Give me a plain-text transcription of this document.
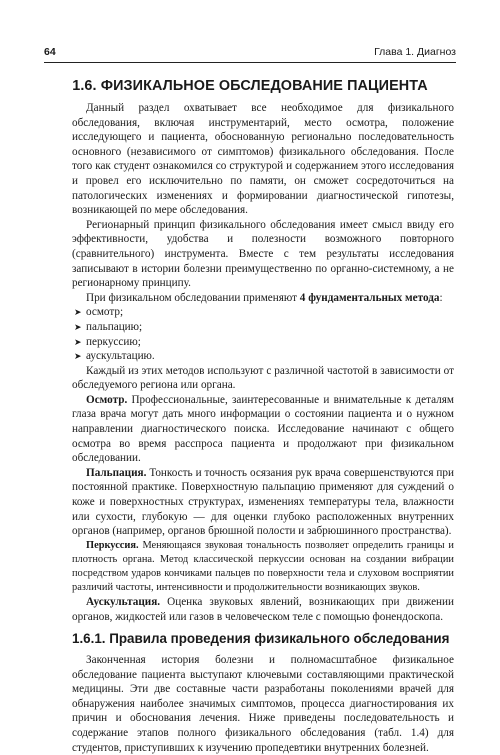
64	Глава 1. Диагноз
1.6. ФИЗИКАЛЬНОЕ ОБСЛЕДОВАНИЕ ПАЦИЕНТА

Данный раздел охватывает все необходимое для физикального обследования, включая инструментарий, место осмотра, положение исследующего и пациента, обоснованную регионально последовательность основного (независимого от симптомов) физикального обследования. После того как студент ознакомился со структурой и содержанием этого исследования и провел его исключительно по памяти, он сможет сосредоточиться на патологических изменениях и формировании диагностической гипотезы, возникающей по мере обследования.

Регионарный принцип физикального обследования имеет смысл ввиду его эффективности, удобства и полезности возможного повторного (сравнительного) инструмента. Вместе с тем результаты исследования записывают в истории болезни преимущественно по органно-системному, а не регионарному принципу.

При физикальном обследовании применяют 4 фундаментальных метода:

➤ осмотр;
➤ пальпацию;
➤ перкуссию;
➤ аускультацию.

Каждый из этих методов используют с различной частотой в зависимости от обследуемого региона или органа.

Осмотр. Профессиональные, заинтересованные и внимательные к деталям глаза врача могут дать много информации о состоянии пациента и о нужном направлении диагностического поиска. Исследование начинают с общего осмотра во время расспроса пациента и продолжают при физикальном обследовании.

Пальпация. Тонкость и точность осязания рук врача совершенствуются при постоянной практике. Поверхностную пальпацию применяют для суждений о коже и поверхностных структурах, изменениях температуры тела, влажности или сухости, глубокую — для оценки глубоко расположенных внутренних органов (например, органов брюшной полости и забрюшинного пространства).

Перкуссия. Меняющаяся звуковая тональность позволяет определить границы и плотность органа. Метод классической перкуссии основан на создании вибрации посредством ударов кончиками пальцев по поверхности тела и слуховом восприятии различий частоты, интенсивности и продолжительности возникающих звуков.

Аускультация. Оценка звуковых явлений, возникающих при движении органов, жидкостей или газов в человеческом теле с помощью фонендоскопа.

1.6.1. Правила проведения физикального обследования

Законченная история болезни и полномасштабное физикальное обследование пациента выступают ключевыми составляющими практической медицины. Эти две составные части разработаны поколениями врачей для обнаружения наиболее значимых симптомов, процесса диагностирования их причин и обоснования лечения. Ниже приведены последовательность и содержание этапов полного физикального обследования (табл. 1.4) для студентов, приступивших к изучению пропедевтики внутренних болезней.
